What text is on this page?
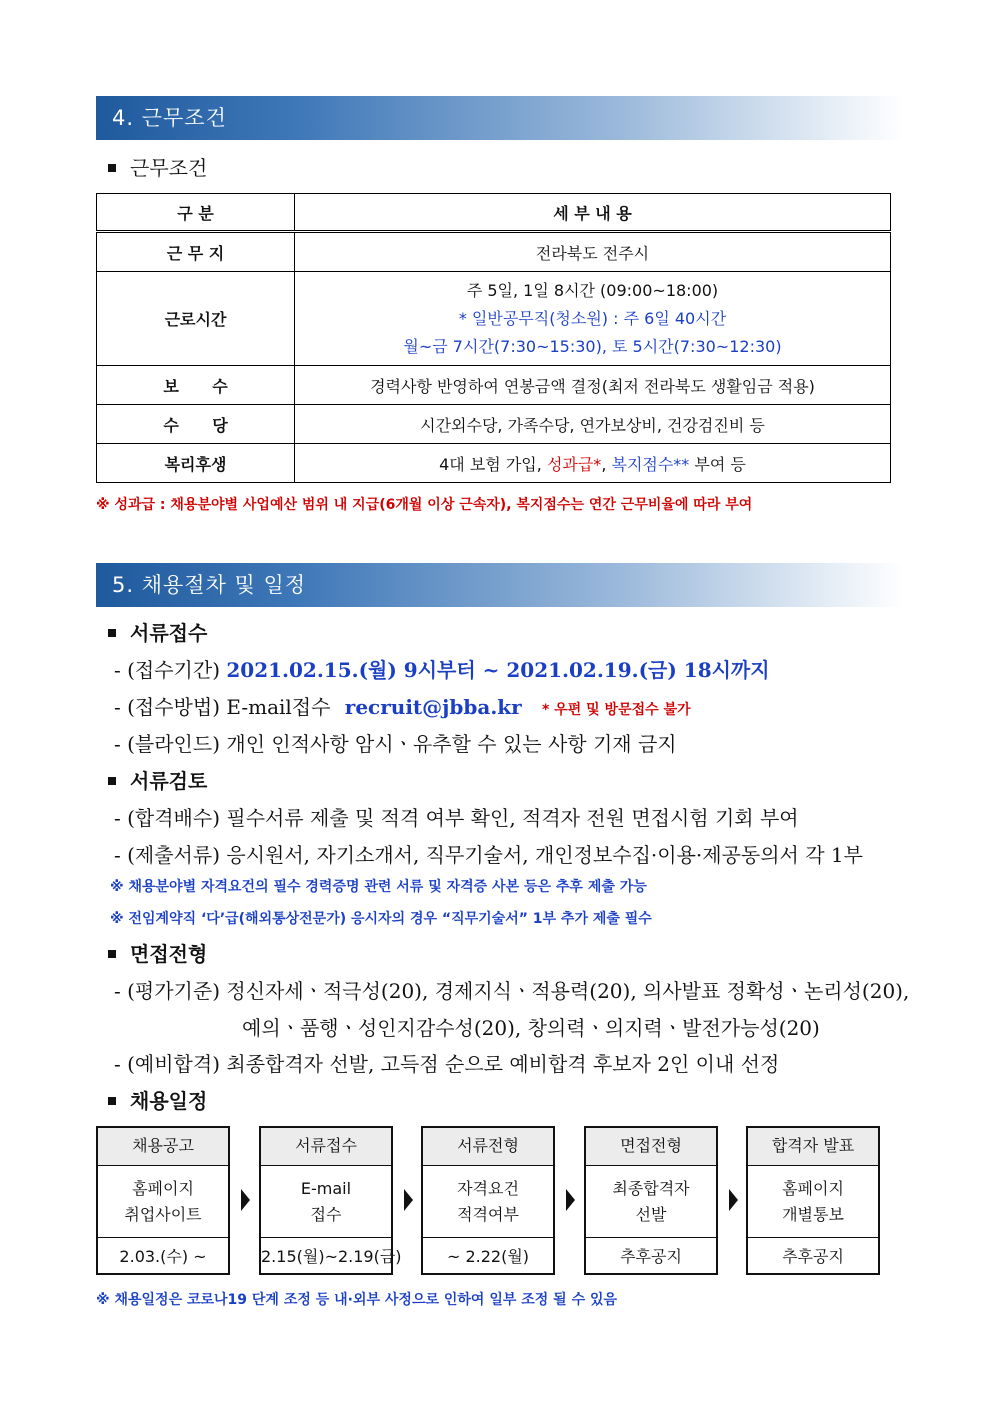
4. 근무조건
근무조건
구 분	세 부 내 용
근 무 지	전라북도 전주시
근로시간	주 5일, 1일 8시간 (09:00~18:00)
* 일반공무직(청소원) : 주 6일 40시간
월~금 7시간(7:30~15:30), 토 5시간(7:30~12:30)

보      수	경력사항 반영하여 연봉금액 결정(최저 전라북도 생활임금 적용)
수      당	시간외수당, 가족수당, 연가보상비, 건강검진비 등
복리후생	4대 보험 가입, 성과급*, 복지점수** 부여 등
※ 성과급 : 채용분야별 사업예산 범위 내 지급(6개월 이상 근속자), 복지점수는 연간 근무비율에 따라 부여
5. 채용절차 및 일정
서류접수
- (접수기간) 2021.02.15.(월) 9시부터 ~ 2021.02.19.(금) 18시까지
- (접수방법) E-mail접수 recruit@jbba.kr * 우편 및 방문접수 불가
- (블라인드) 개인 인적사항 암시ㆍ유추할 수 있는 사항 기재 금지
서류검토
- (합격배수) 필수서류 제출 및 적격 여부 확인, 적격자 전원 면접시험 기회 부여
- (제출서류) 응시원서, 자기소개서, 직무기술서, 개인정보수집·이용·제공동의서 각 1부
※ 채용분야별 자격요건의 필수 경력증명 관련 서류 및 자격증 사본 등은 추후 제출 가능
※ 전임계약직 ‘다’급(해외통상전문가) 응시자의 경우 “직무기술서” 1부 추가 제출 필수
면접전형
- (평가기준) 정신자세ㆍ적극성(20), 경제지식ㆍ적용력(20), 의사발표 정확성ㆍ논리성(20),
예의ㆍ품행ㆍ성인지감수성(20), 창의력ㆍ의지력ㆍ발전가능성(20)
- (예비합격) 최종합격자 선발, 고득점 순으로 예비합격 후보자 2인 이내 선정
채용일정
채용공고
홈페이지
취업사이트
2.03.(수) ~
서류접수
E-mail
접수
2.15(월)~2.19(금)
서류전형
자격요건
적격여부
~ 2.22(월)
면접전형
최종합격자
선발
추후공지
합격자 발표
홈페이지
개별통보
추후공지
※ 채용일정은 코로나19 단계 조정 등 내·외부 사정으로 인하여 일부 조정 될 수 있음
